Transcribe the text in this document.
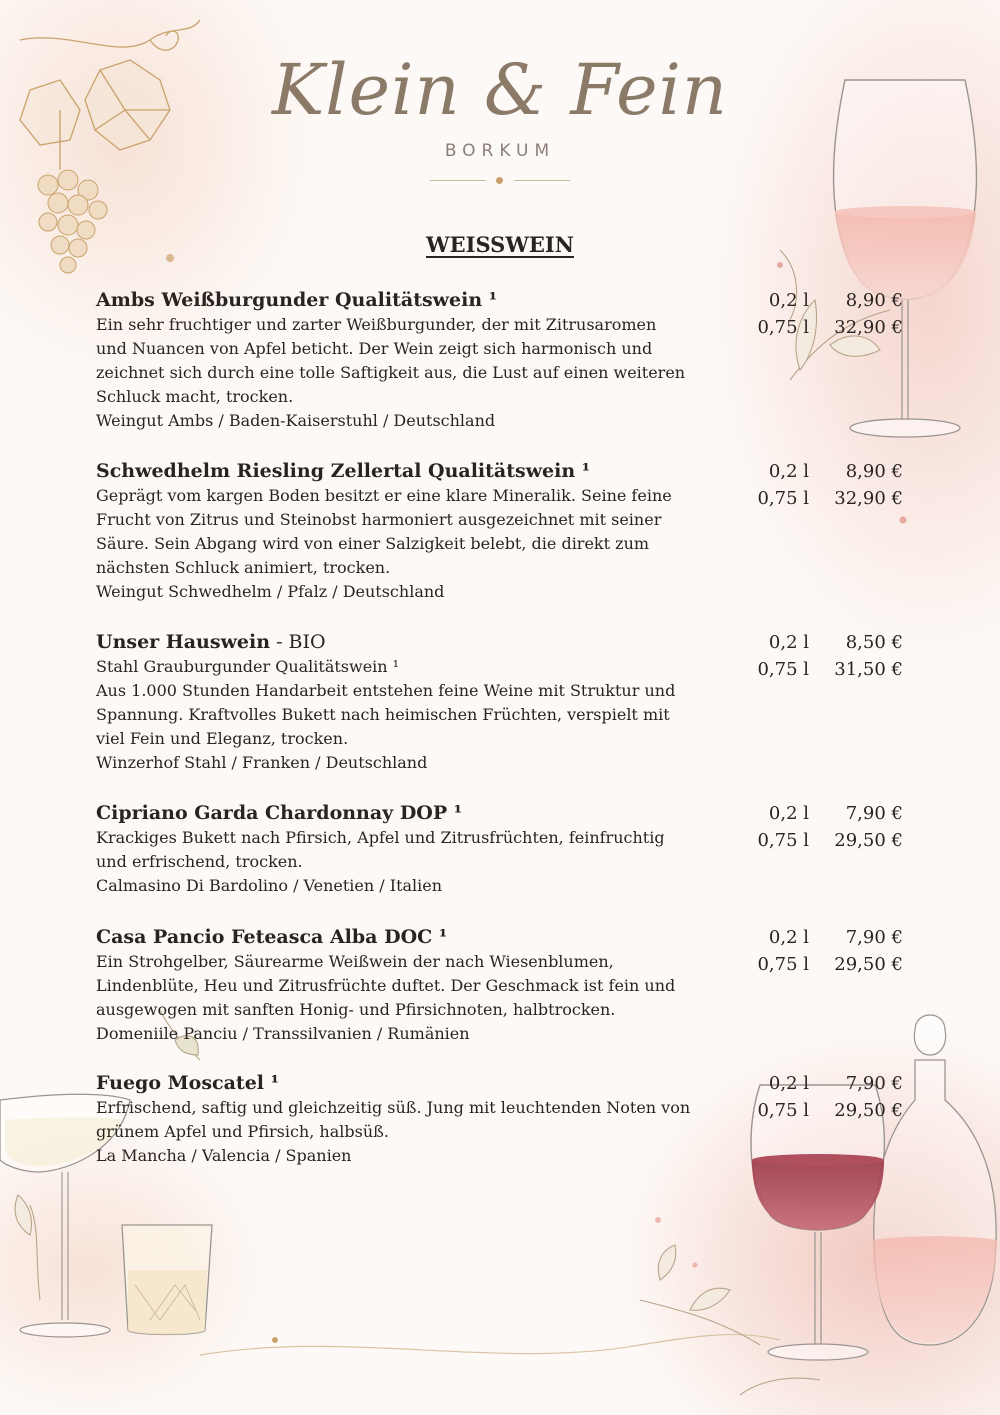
Klein & Fein
BORKUM
WEISSWEIN
Ambs Weißburgunder Qualitätswein ¹
Ein sehr fruchtiger und zarter Weißburgunder, der mit Zitrusaromen
und Nuancen von Apfel beticht. Der Wein zeigt sich harmonisch und
zeichnet sich durch eine tolle Saftigkeit aus, die Lust auf einen weiteren
Schluck macht, trocken.
Weingut Ambs / Baden-Kaiserstuhl / Deutschland
0,2 l	8,90 €
0,75 l	32,90 €
Schwedhelm Riesling Zellertal Qualitätswein ¹
Geprägt vom kargen Boden besitzt er eine klare Mineralik. Seine feine
Frucht von Zitrus und Steinobst harmoniert ausgezeichnet mit seiner
Säure. Sein Abgang wird von einer Salzigkeit belebt, die direkt zum
nächsten Schluck animiert, trocken.
Weingut Schwedhelm / Pfalz / Deutschland
0,2 l	8,90 €
0,75 l	32,90 €
Unser Hauswein - BIO
Stahl Grauburgunder Qualitätswein ¹
Aus 1.000 Stunden Handarbeit entstehen feine Weine mit Struktur und
Spannung. Kraftvolles Bukett nach heimischen Früchten, verspielt mit
viel Fein und Eleganz, trocken.
Winzerhof Stahl / Franken / Deutschland
0,2 l	8,50 €
0,75 l	31,50 €
Cipriano Garda Chardonnay DOP ¹
Krackiges Bukett nach Pfirsich, Apfel und Zitrusfrüchten, feinfruchtig
und erfrischend, trocken.
Calmasino Di Bardolino / Venetien / Italien
0,2 l	7,90 €
0,75 l	29,50 €
Casa Pancio Feteasca Alba DOC ¹
Ein Strohgelber, Säurearme Weißwein der nach Wiesenblumen,
Lindenblüte, Heu und Zitrusfrüchte duftet. Der Geschmack ist fein und
ausgewogen mit sanften Honig- und Pfirsichnoten, halbtrocken.
Domeniile Panciu / Transsilvanien / Rumänien
0,2 l	7,90 €
0,75 l	29,50 €
Fuego Moscatel ¹
Erfrischend, saftig und gleichzeitig süß. Jung mit leuchtenden Noten von
grünem Apfel und Pfirsich, halbsüß.
La Mancha / Valencia / Spanien
0,2 l	7,90 €
0,75 l	29,50 €
